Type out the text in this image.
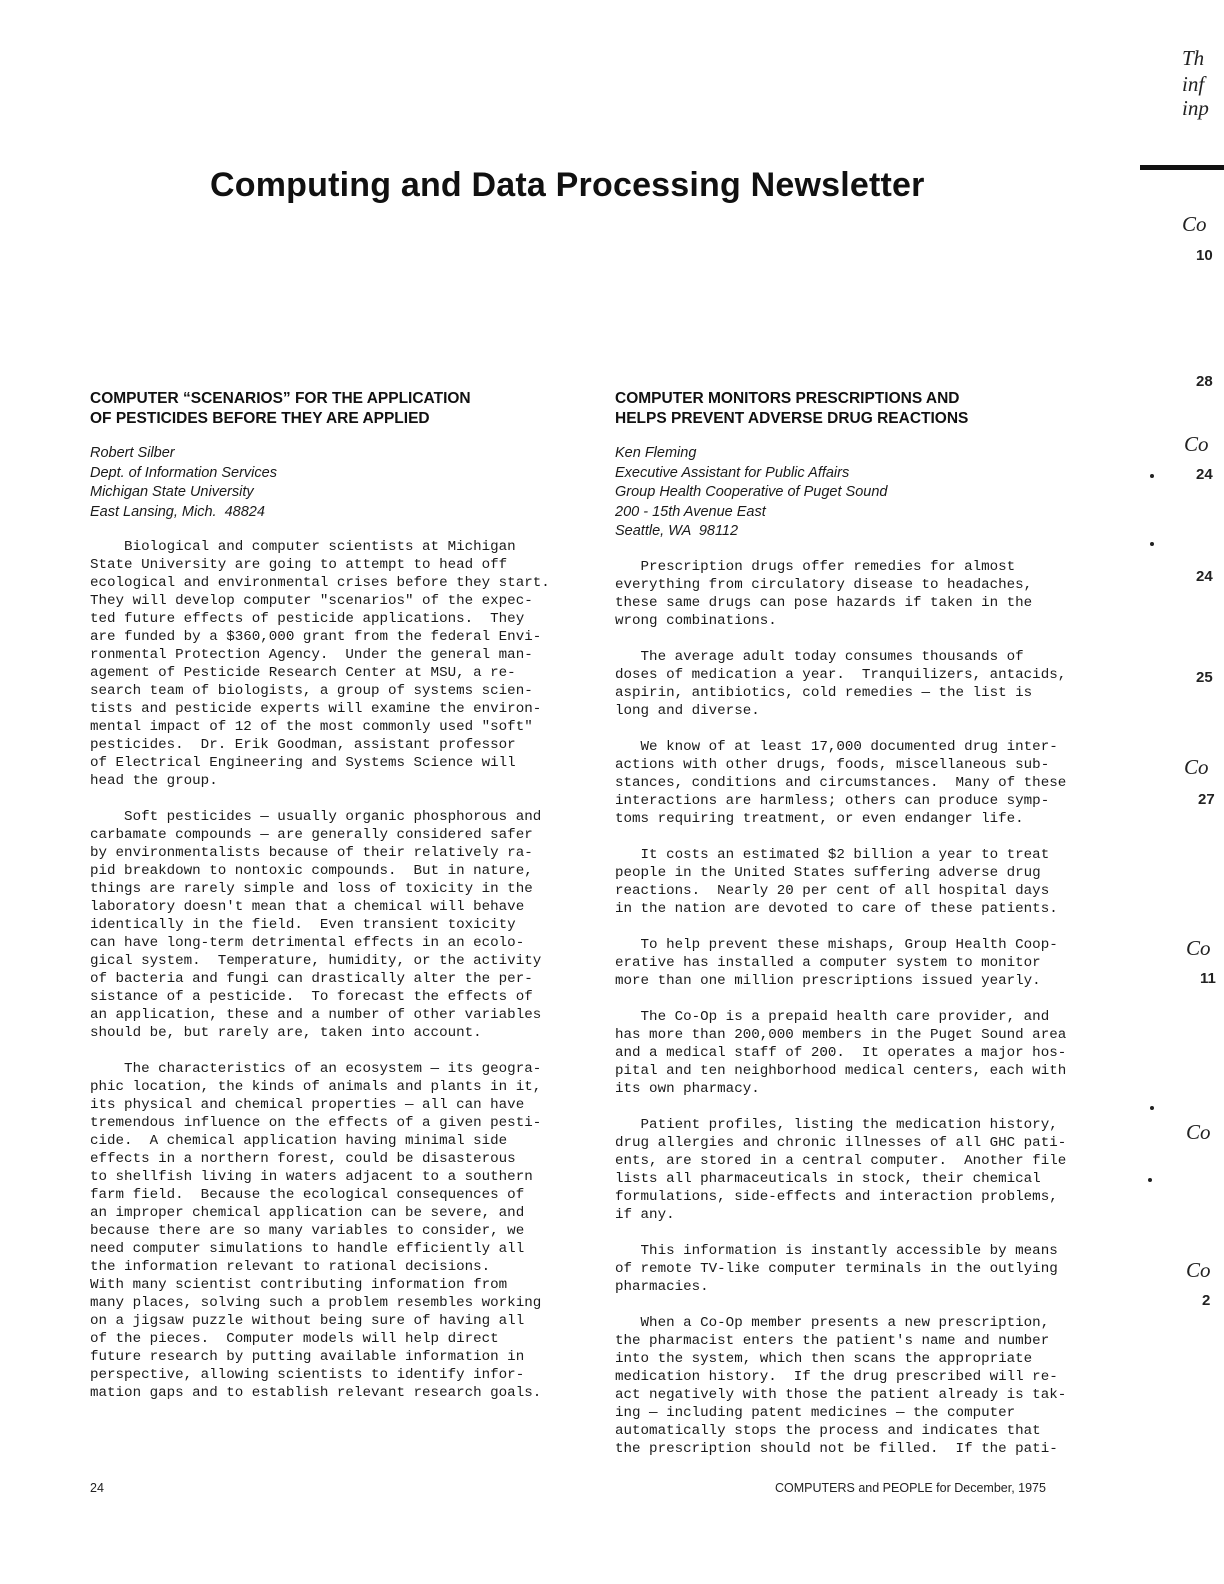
Computing and Data Processing Newsletter
Th
inf
inp
Co
10
28
Co
24
24
25
Co
27
Co
11
Co
Co
2
COMPUTER “SCENARIOS” FOR THE APPLICATION
OF PESTICIDES BEFORE THEY ARE APPLIED
Robert Silber
Dept. of Information Services
Michigan State University
East Lansing, Mich.  48824

Biological and computer scientists at Michigan
State University are going to attempt to head off
ecological and environmental crises before they start.
They will develop computer "scenarios" of the expec-
ted future effects of pesticide applications.  They
are funded by a $360,000 grant from the federal Envi-
ronmental Protection Agency.  Under the general man-
agement of Pesticide Research Center at MSU, a re-
search team of biologists, a group of systems scien-
tists and pesticide experts will examine the environ-
mental impact of 12 of the most commonly used "soft"
pesticides.  Dr. Erik Goodman, assistant professor
of Electrical Engineering and Systems Science will
head the group.

Soft pesticides — usually organic phosphorous and
carbamate compounds — are generally considered safer
by environmentalists because of their relatively ra-
pid breakdown to nontoxic compounds.  But in nature,
things are rarely simple and loss of toxicity in the
laboratory doesn't mean that a chemical will behave
identically in the field.  Even transient toxicity
can have long-term detrimental effects in an ecolo-
gical system.  Temperature, humidity, or the activity
of bacteria and fungi can drastically alter the per-
sistance of a pesticide.  To forecast the effects of
an application, these and a number of other variables
should be, but rarely are, taken into account.

The characteristics of an ecosystem — its geogra-
phic location, the kinds of animals and plants in it,
its physical and chemical properties — all can have
tremendous influence on the effects of a given pesti-
cide.  A chemical application having minimal side
effects in a northern forest, could be disasterous
to shellfish living in waters adjacent to a southern
farm field.  Because the ecological consequences of
an improper chemical application can be severe, and
because there are so many variables to consider, we
need computer simulations to handle efficiently all
the information relevant to rational decisions.
With many scientist contributing information from
many places, solving such a problem resembles working
on a jigsaw puzzle without being sure of having all
of the pieces.  Computer models will help direct
future research by putting available information in
perspective, allowing scientists to identify infor-
mation gaps and to establish relevant research goals.

COMPUTER MONITORS PRESCRIPTIONS AND
HELPS PREVENT ADVERSE DRUG REACTIONS
Ken Fleming
Executive Assistant for Public Affairs
Group Health Cooperative of Puget Sound
200 - 15th Avenue East
Seattle, WA  98112

Prescription drugs offer remedies for almost
everything from circulatory disease to headaches,
these same drugs can pose hazards if taken in the
wrong combinations.

The average adult today consumes thousands of
doses of medication a year.  Tranquilizers, antacids,
aspirin, antibiotics, cold remedies — the list is
long and diverse.

We know of at least 17,000 documented drug inter-
actions with other drugs, foods, miscellaneous sub-
stances, conditions and circumstances.  Many of these
interactions are harmless; others can produce symp-
toms requiring treatment, or even endanger life.

It costs an estimated $2 billion a year to treat
people in the United States suffering adverse drug
reactions.  Nearly 20 per cent of all hospital days
in the nation are devoted to care of these patients.

To help prevent these mishaps, Group Health Coop-
erative has installed a computer system to monitor
more than one million prescriptions issued yearly.

The Co-Op is a prepaid health care provider, and
has more than 200,000 members in the Puget Sound area
and a medical staff of 200.  It operates a major hos-
pital and ten neighborhood medical centers, each with
its own pharmacy.

Patient profiles, listing the medication history,
drug allergies and chronic illnesses of all GHC pati-
ents, are stored in a central computer.  Another file
lists all pharmaceuticals in stock, their chemical
formulations, side-effects and interaction problems,
if any.

This information is instantly accessible by means
of remote TV-like computer terminals in the outlying
pharmacies.

When a Co-Op member presents a new prescription,
the pharmacist enters the patient's name and number
into the system, which then scans the appropriate
medication history.  If the drug prescribed will re-
act negatively with those the patient already is tak-
ing — including patent medicines — the computer
automatically stops the process and indicates that
the prescription should not be filled.  If the pati-

24	COMPUTERS and PEOPLE for December, 1975
